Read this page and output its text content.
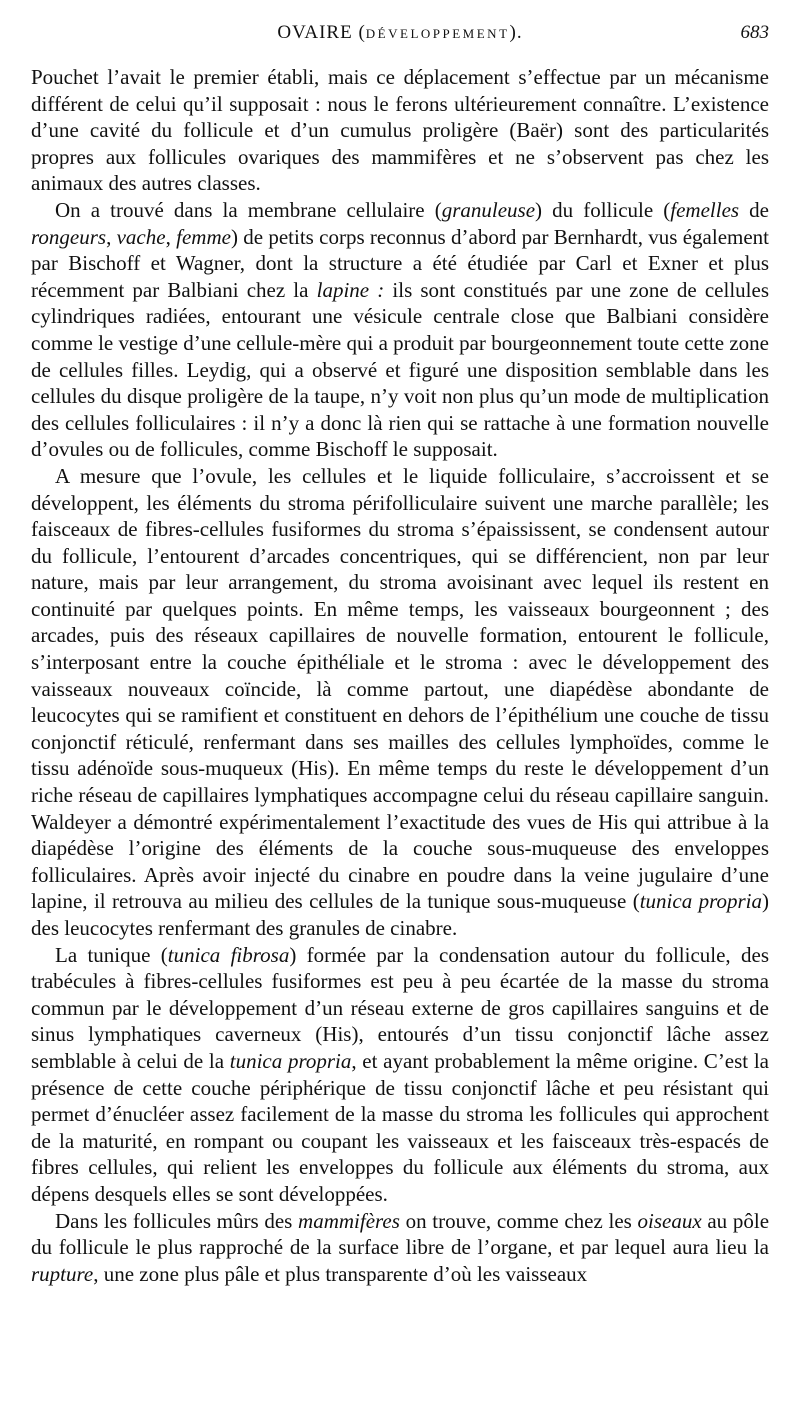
OVAIRE (DÉVELOPPEMENT).	683

Pouchet l’avait le premier établi, mais ce déplacement s’effectue par un mécanisme différent de celui qu’il supposait : nous le ferons ultérieurement connaître. L’existence d’une cavité du follicule et d’un cumulus proligère (Baër) sont des particularités propres aux follicules ovariques des mammifères et ne s’observent pas chez les animaux des autres classes.

On a trouvé dans la membrane cellulaire (granuleuse) du follicule (femelles de rongeurs, vache, femme) de petits corps reconnus d’abord par Bernhardt, vus également par Bischoff et Wagner, dont la structure a été étudiée par Carl et Exner et plus récemment par Balbiani chez la lapine : ils sont constitués par une zone de cellules cylindriques radiées, entourant une vésicule centrale close que Balbiani considère comme le vestige d’une cellule-mère qui a produit par bourgeonnement toute cette zone de cellules filles. Leydig, qui a observé et figuré une disposition semblable dans les cellules du disque proligère de la taupe, n’y voit non plus qu’un mode de multiplication des cellules folliculaires : il n’y a donc là rien qui se rattache à une formation nouvelle d’ovules ou de follicules, comme Bischoff le supposait.

A mesure que l’ovule, les cellules et le liquide folliculaire, s’accroissent et se développent, les éléments du stroma périfolliculaire suivent une marche parallèle; les faisceaux de fibres-cellules fusiformes du stroma s’épaississent, se condensent autour du follicule, l’entourent d’arcades concentriques, qui se différencient, non par leur nature, mais par leur arrangement, du stroma avoisinant avec lequel ils restent en continuité par quelques points. En même temps, les vaisseaux bourgeonnent ; des arcades, puis des réseaux capillaires de nouvelle formation, entourent le follicule, s’interposant entre la couche épithéliale et le stroma : avec le développement des vaisseaux nouveaux coïncide, là comme partout, une diapédèse abondante de leucocytes qui se ramifient et constituent en dehors de l’épithélium une couche de tissu conjonctif réticulé, renfermant dans ses mailles des cellules lymphoïdes, comme le tissu adénoïde sous-muqueux (His). En même temps du reste le développement d’un riche réseau de capillaires lymphatiques accompagne celui du réseau capillaire sanguin. Waldeyer a démontré expérimentalement l’exactitude des vues de His qui attribue à la diapédèse l’origine des éléments de la couche sous-muqueuse des enveloppes folliculaires. Après avoir injecté du cinabre en poudre dans la veine jugulaire d’une lapine, il retrouva au milieu des cellules de la tunique sous-muqueuse (tunica propria) des leucocytes renfermant des granules de cinabre.

La tunique (tunica fibrosa) formée par la condensation autour du follicule, des trabécules à fibres-cellules fusiformes est peu à peu écartée de la masse du stroma commun par le développement d’un réseau externe de gros capillaires sanguins et de sinus lymphatiques caverneux (His), entourés d’un tissu conjonctif lâche assez semblable à celui de la tunica propria, et ayant probablement la même origine. C’est la présence de cette couche périphérique de tissu conjonctif lâche et peu résistant qui permet d’énucléer assez facilement de la masse du stroma les follicules qui approchent de la maturité, en rompant ou coupant les vaisseaux et les faisceaux très-espacés de fibres cellules, qui relient les enveloppes du follicule aux éléments du stroma, aux dépens desquels elles se sont développées.

Dans les follicules mûrs des mammifères on trouve, comme chez les oiseaux au pôle du follicule le plus rapproché de la surface libre de l’organe, et par lequel aura lieu la rupture, une zone plus pâle et plus transparente d’où les vaisseaux
